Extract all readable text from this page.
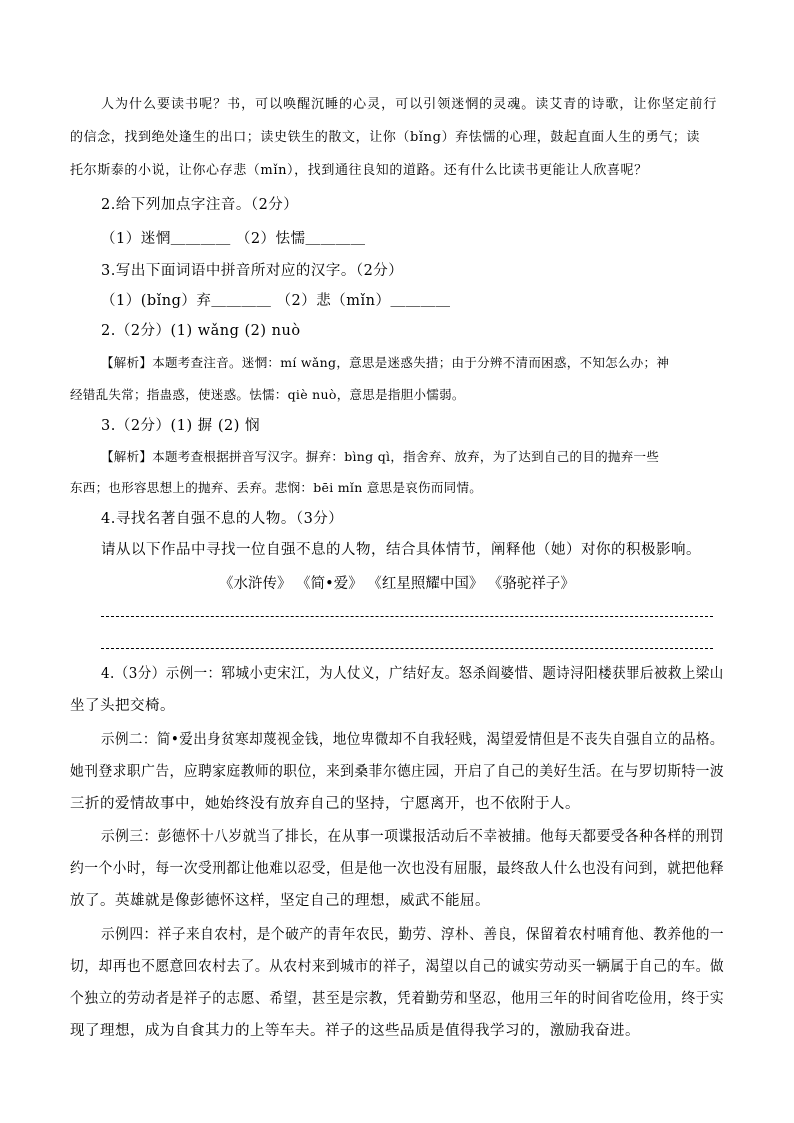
人为什么要读书呢？书，可以唤醒沉睡的心灵，可以引领迷惘的灵魂。读艾青的诗歌，让你坚定前行
的信念，找到绝处逢生的出口；读史铁生的散文，让你（bǐng）弃怯懦的心理，鼓起直面人生的勇气；读
托尔斯泰的小说，让你心存悲（mǐn），找到通往良知的道路。还有什么比读书更能让人欣喜呢？
2.给下列加点字注音。（2分）
（1）迷惘＿＿＿＿ （2）怯懦＿＿＿＿
3.写出下面词语中拼音所对应的汉字。（2分）
（1）(bǐng）弃＿＿＿＿ （2）悲（mǐn）＿＿＿＿
2.（2分）(1) wǎng (2) nuò
【解析】本题考查注音。迷惘：mí wǎng，意思是迷惑失措；由于分辨不清而困惑，不知怎么办；神
经错乱失常；指蛊惑，使迷惑。怯懦：qiè nuò，意思是指胆小懦弱。
3.（2分）(1) 摒 (2) 悯
【解析】本题考查根据拼音写汉字。摒弃：bìng qì，指舍弃、放弃，为了达到自己的目的抛弃一些
东西；也形容思想上的抛弃、丢弃。悲悯：bēi mǐn 意思是哀伤而同情。
4.寻找名著自强不息的人物。（3分）
请从以下作品中寻找一位自强不息的人物，结合具体情节，阐释他（她）对你的积极影响。
《水浒传》 《简•爱》 《红星照耀中国》 《骆驼祥子》
4.（3分）示例一：郓城小吏宋江，为人仗义，广结好友。怒杀阎婆惜、题诗浔阳楼获罪后被救上梁山
坐了头把交椅。
示例二：简•爱出身贫寒却蔑视金钱，地位卑微却不自我轻贱，渴望爱情但是不丧失自强自立的品格。
她刊登求职广告，应聘家庭教师的职位，来到桑菲尔德庄园，开启了自己的美好生活。在与罗切斯特一波
三折的爱情故事中，她始终没有放弃自己的坚持，宁愿离开，也不依附于人。
示例三：彭德怀十八岁就当了排长，在从事一项谍报活动后不幸被捕。他每天都要受各种各样的刑罚
约一个小时，每一次受刑都让他难以忍受，但是他一次也没有屈服，最终敌人什么也没有问到，就把他释
放了。英雄就是像彭德怀这样，坚定自己的理想，威武不能屈。
示例四：祥子来自农村，是个破产的青年农民，勤劳、淳朴、善良，保留着农村哺育他、教养他的一
切，却再也不愿意回农村去了。从农村来到城市的祥子，渴望以自己的诚实劳动买一辆属于自己的车。做
个独立的劳动者是祥子的志愿、希望，甚至是宗教，凭着勤劳和坚忍，他用三年的时间省吃俭用，终于实
现了理想，成为自食其力的上等车夫。祥子的这些品质是值得我学习的，激励我奋进。
